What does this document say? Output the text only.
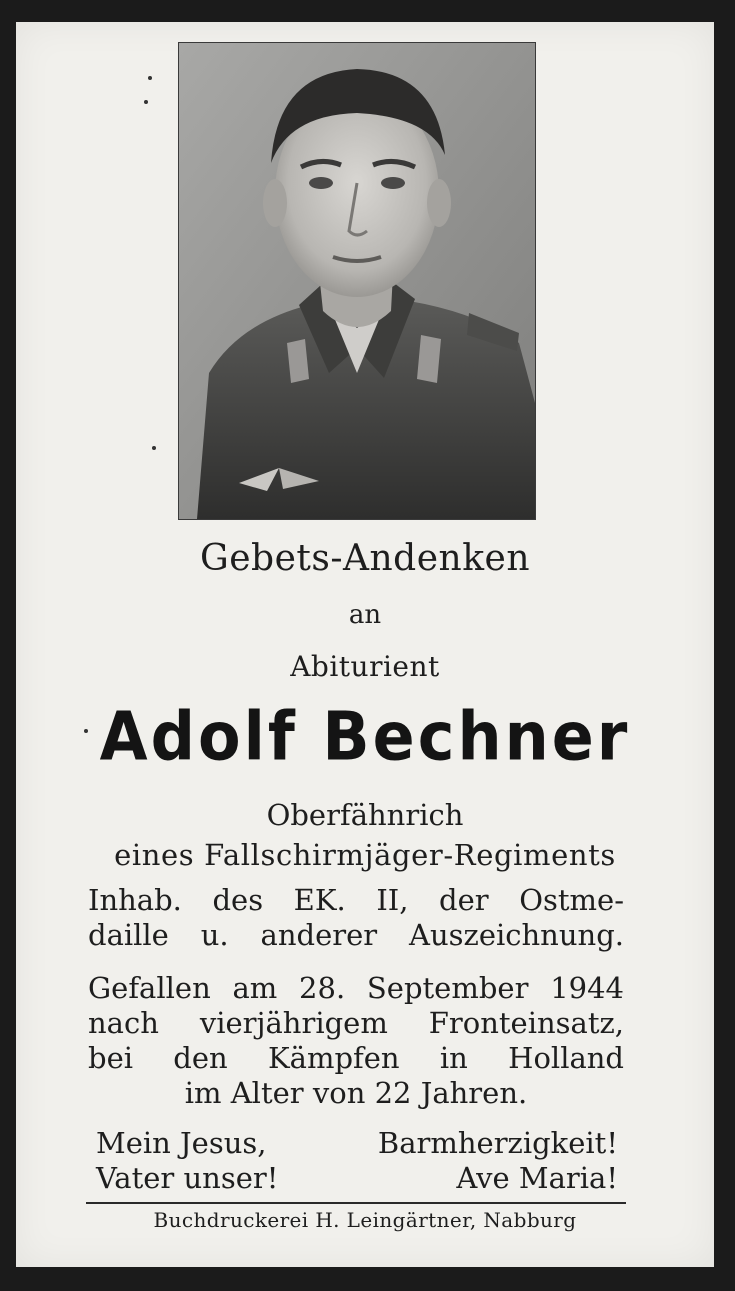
Gebets-Andenken
an
Abiturient
Adolf Bechner
Oberfähnrich
eines Fallschirmjäger-Regiments
Inhab. des EK. II, der Ostme-
daille u. anderer Auszeichnung.
Gefallen am 28. September 1944
nach vierjährigem Fronteinsatz,
bei den Kämpfen in Holland
im Alter von 22 Jahren.
Mein Jesus,	Barmherzigkeit!
Vater unser!	Ave Maria!
Buchdruckerei H. Leingärtner, Nabburg
